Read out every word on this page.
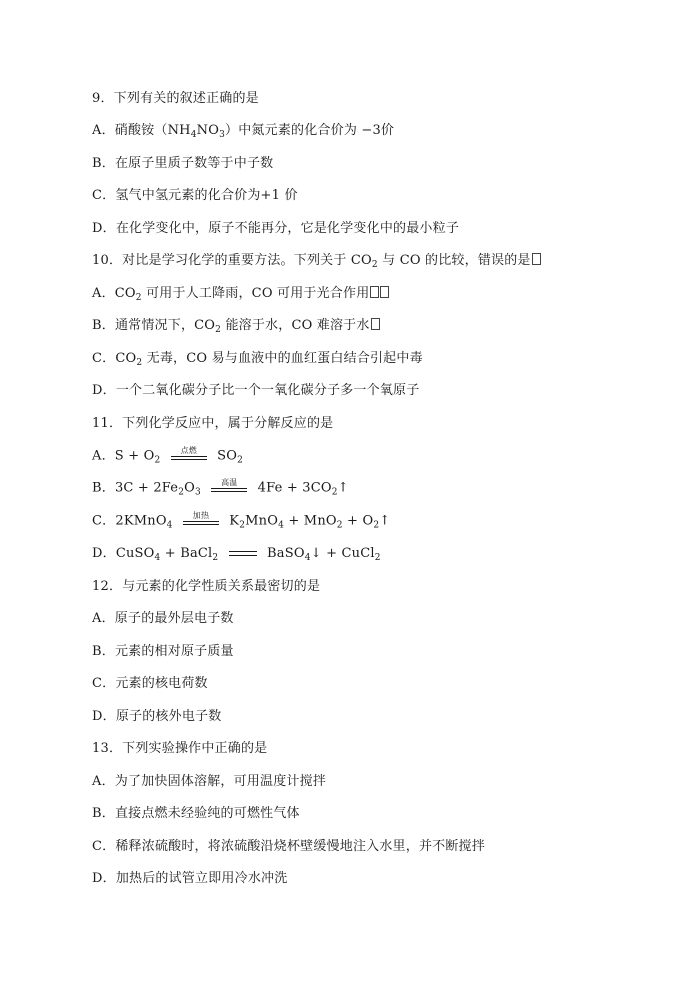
9．下列有关的叙述正确的是
A．硝酸铵$(NH_4NO_3)$中氮元素的化合价为 −3价
B．在原子里质子数等于中子数
C．氢气中氢元素的化合价为+1 价
D．在化学变化中，原子不能再分，它是化学变化中的最小粒子
10．对比是学习化学的重要方法。下列关于 $CO_2$ 与 CO 的比较，错误的是
A．$CO_2$ 可用于人工降雨，CO 可用于光合作用
B．通常情况下，$CO_2$ 能溶于水，CO 难溶于水
C．$CO_2$ 无毒，CO 易与血液中的血红蛋白结合引起中毒
D．一个二氧化碳分子比一个一氧化碳分子多一个氧原子
11．下列化学反应中，属于分解反应的是
A．$S + O_2$
点燃	$SO_2$
B．$3C + 2Fe_2O_3$
高温	$4Fe + 3CO_2↑$
C．2KMnO$_4$
加热	$K_2MnO_4 + MnO_2$ + $O_2↑$
D．CuSO$_4$ + BaCl$_2$	BaSO$_4$↓ + CuCl$_2$
12．与元素的化学性质关系最密切的是
A．原子的最外层电子数
B．元素的相对原子质量
C．元素的核电荷数
D．原子的核外电子数
13．下列实验操作中正确的是
A．为了加快固体溶解，可用温度计搅拌
B．直接点燃未经验纯的可燃性气体
C．稀释浓硫酸时，将浓硫酸沿烧杯壁缓慢地注入水里，并不断搅拌
D．加热后的试管立即用冷水冲洗
